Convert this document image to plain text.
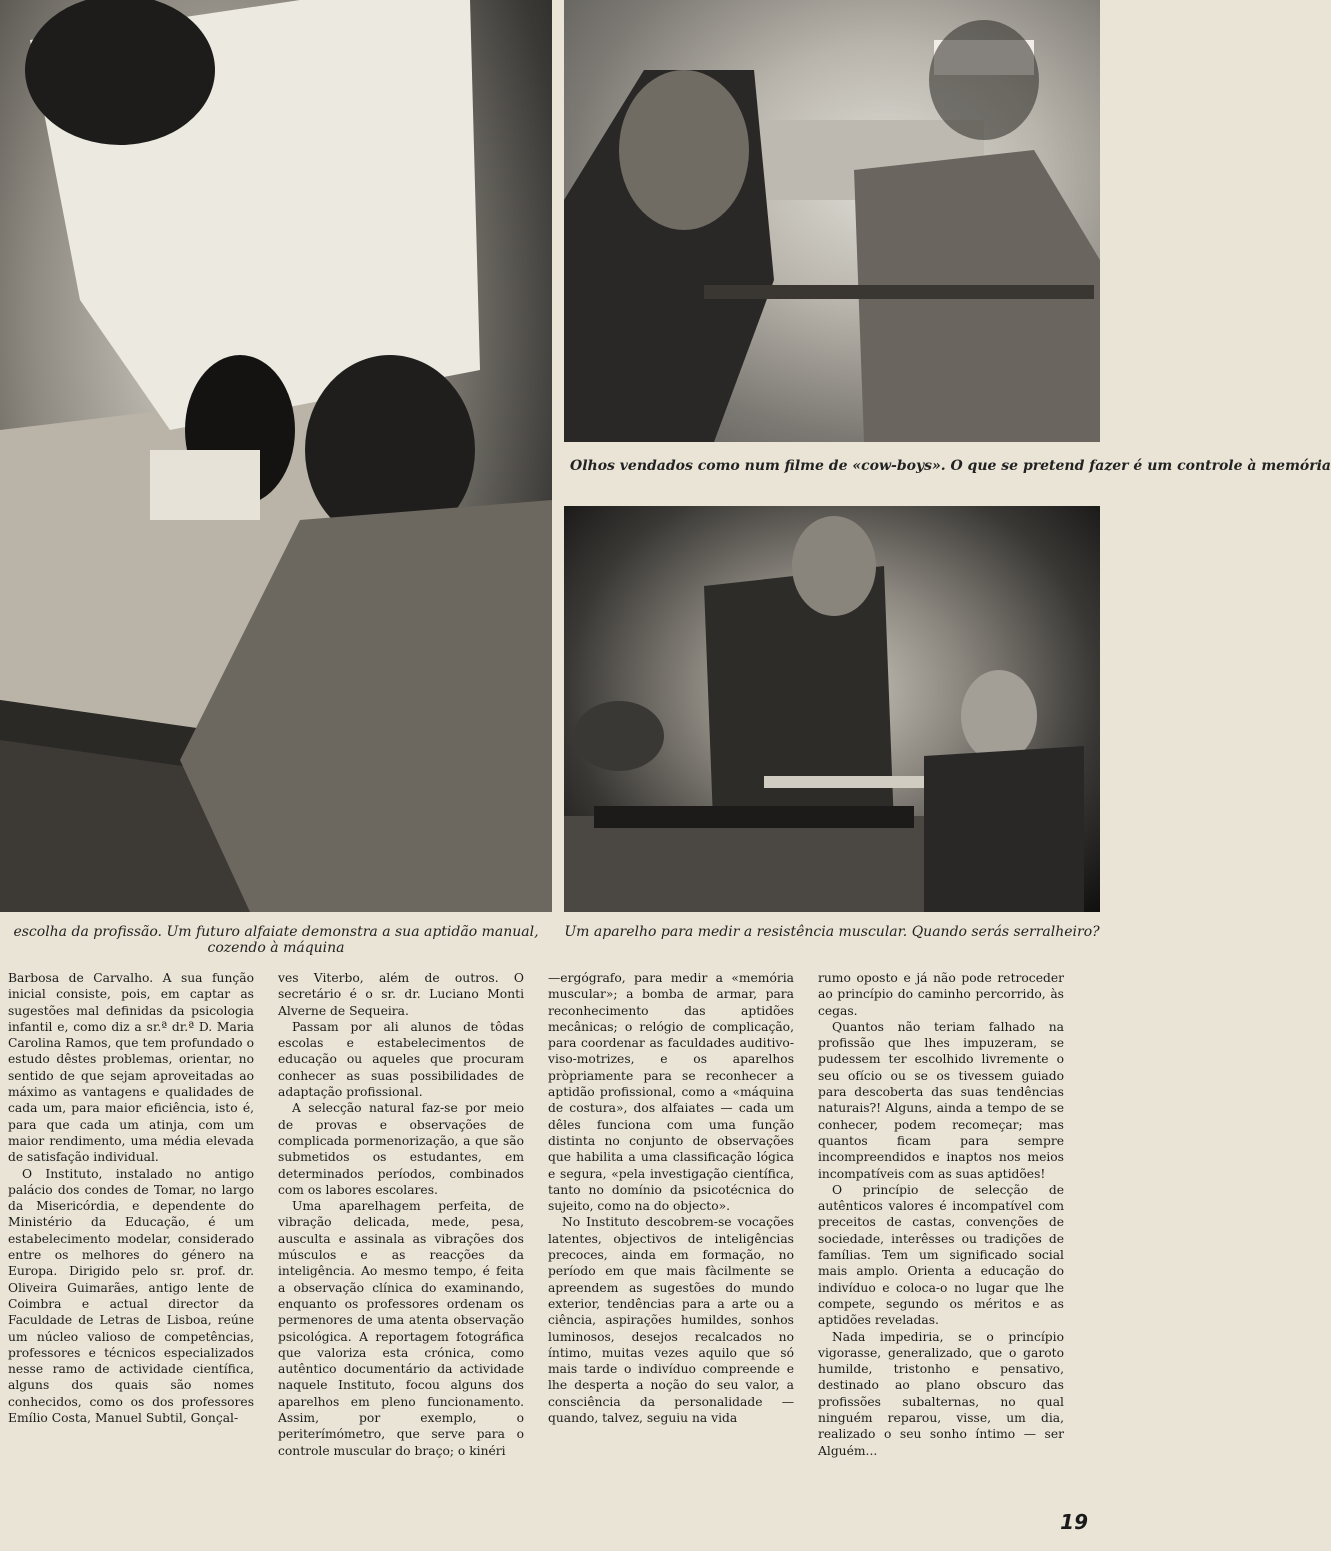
Olhos vendados como num filme de «cow-boys». O que se pretend fazer é um controle à memória

escolha da profissão. Um futuro alfaiate demonstra a sua aptidão manual, cozendo à máquina

Um aparelho para medir a resistência muscular. Quando serás serralheiro?

Barbosa de Carvalho. A sua função inicial consiste, pois, em captar as sugestões mal definidas da psicologia infantil e, como diz a sr.ª dr.ª D. Maria Carolina Ramos, que tem profundado o estudo dêstes problemas, orientar, no sentido de que sejam aproveitadas ao máximo as vantagens e qualidades de cada um, para maior eficiência, isto é, para que cada um atinja, com um maior rendimento, uma média elevada de satisfação individual.

O Instituto, instalado no antigo palácio dos condes de Tomar, no largo da Misericórdia, e dependente do Ministério da Educação, é um estabelecimento modelar, considerado entre os melhores do género na Europa. Dirigido pelo sr. prof. dr. Oliveira Guimarães, antigo lente de Coimbra e actual director da Faculdade de Letras de Lisboa, reúne um núcleo valioso de competências, professores e técnicos especializados nesse ramo de actividade científica, alguns dos quais são nomes conhecidos, como os dos professores Emílio Costa, Manuel Subtil, Gonçal-

ves Viterbo, além de outros. O secretário é o sr. dr. Luciano Monti Alverne de Sequeira.

Passam por ali alunos de tôdas escolas e estabelecimentos de educação ou aqueles que procuram conhecer as suas possibilidades de adaptação profissional.

A selecção natural faz-se por meio de provas e observações de complicada pormenorização, a que são submetidos os estudantes, em determinados períodos, combinados com os labores escolares.

Uma aparelhagem perfeita, de vibração delicada, mede, pesa, ausculta e assinala as vibrações dos músculos e as reacções da inteligência. Ao mesmo tempo, é feita a observação clínica do examinando, enquanto os professores ordenam os permenores de uma atenta observação psicológica. A reportagem fotográfica que valoriza esta crónica, como autêntico documentário da actividade naquele Instituto, focou alguns dos aparelhos em pleno funcionamento. Assim, por exemplo, o periterímómetro, que serve para o controle muscular do braço; o kinéri

—ergógrafo, para medir a «memória muscular»; a bomba de armar, para reconhecimento das aptidões mecânicas; o relógio de complicação, para coordenar as faculdades auditivo-viso-motrizes, e os aparelhos pròpriamente para se reconhecer a aptidão profissional, como a «máquina de costura», dos alfaiates — cada um dêles funciona com uma função distinta no conjunto de observações que habilita a uma classificação lógica e segura, «pela investigação científica, tanto no domínio da psicotécnica do sujeito, como na do objecto».

No Instituto descobrem-se vocações latentes, objectivos de inteligências precoces, ainda em formação, no período em que mais fàcilmente se apreendem as sugestões do mundo exterior, tendências para a arte ou a ciência, aspirações humildes, sonhos luminosos, desejos recalcados no íntimo, muitas vezes aquilo que só mais tarde o indivíduo compreende e lhe desperta a noção do seu valor, a consciência da personalidade — quando, talvez, seguiu na vida

rumo oposto e já não pode retroceder ao princípio do caminho percorrido, às cegas.

Quantos não teriam falhado na profissão que lhes impuzeram, se pudessem ter escolhido livremente o seu ofício ou se os tivessem guiado para descoberta das suas tendências naturais?! Alguns, ainda a tempo de se conhecer, podem recomeçar; mas quantos ficam para sempre incompreendidos e inaptos nos meios incompatíveis com as suas aptidões!

O princípio de selecção de autênticos valores é incompatível com preceitos de castas, convenções de sociedade, interêsses ou tradições de famílias. Tem um significado social mais amplo. Orienta a educação do indivíduo e coloca-o no lugar que lhe compete, segundo os méritos e as aptidões reveladas.

Nada impediria, se o princípio vigorasse, generalizado, que o garoto humilde, tristonho e pensativo, destinado ao plano obscuro das profissões subalternas, no qual ninguém reparou, visse, um dia, realizado o seu sonho íntimo — ser Alguém...

19
